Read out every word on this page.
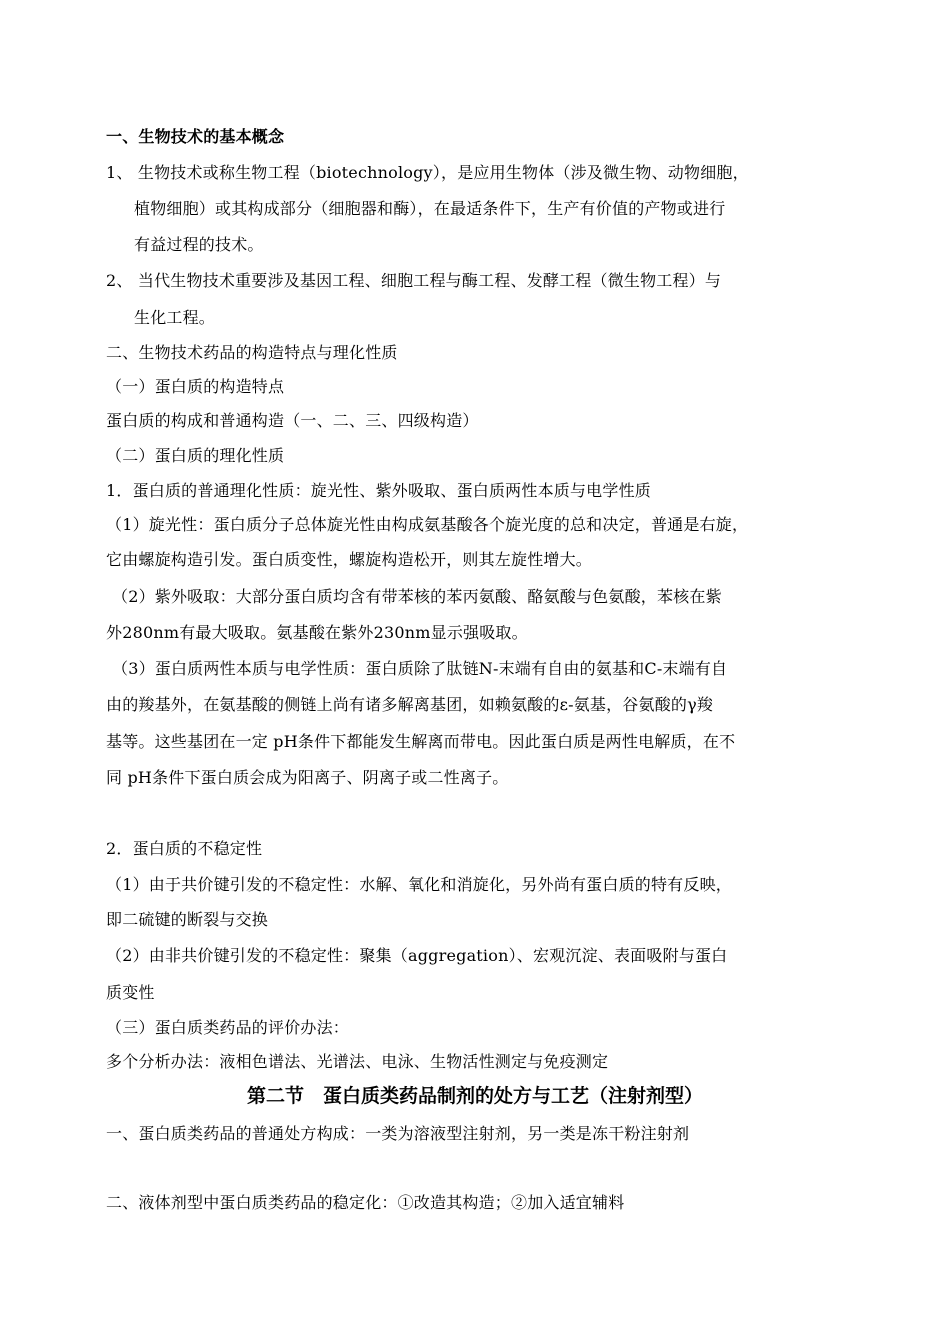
一、生物技术的基本概念
1、 生物技术或称生物工程（biotechnology），是应用生物体（涉及微生物、动物细胞，
植物细胞）或其构成部分（细胞器和酶），在最适条件下，生产有价值的产物或进行
有益过程的技术。
2、 当代生物技术重要涉及基因工程、细胞工程与酶工程、发酵工程（微生物工程）与
生化工程。
二、生物技术药品的构造特点与理化性质
（一）蛋白质的构造特点
蛋白质的构成和普通构造（一、二、三、四级构造）
（二）蛋白质的理化性质
1．蛋白质的普通理化性质：旋光性、紫外吸取、蛋白质两性本质与电学性质
（1）旋光性：蛋白质分子总体旋光性由构成氨基酸各个旋光度的总和决定，普通是右旋，
它由螺旋构造引发。蛋白质变性，螺旋构造松开，则其左旋性增大。
（2）紫外吸取：大部分蛋白质均含有带苯核的苯丙氨酸、酪氨酸与色氨酸，苯核在紫
外280nm有最大吸取。氨基酸在紫外230nm显示强吸取。
（3）蛋白质两性本质与电学性质：蛋白质除了肽链N-末端有自由的氨基和C-末端有自
由的羧基外，在氨基酸的侧链上尚有诸多解离基团，如赖氨酸的ε-氨基，谷氨酸的γ羧
基等。这些基团在一定 pH条件下都能发生解离而带电。因此蛋白质是两性电解质，在不
同 pH条件下蛋白质会成为阳离子、阴离子或二性离子。
2．蛋白质的不稳定性
（1）由于共价键引发的不稳定性：水解、氧化和消旋化，另外尚有蛋白质的特有反映，
即二硫键的断裂与交换
（2）由非共价键引发的不稳定性：聚集（aggregation）、宏观沉淀、表面吸附与蛋白
质变性
（三）蛋白质类药品的评价办法：
多个分析办法：液相色谱法、光谱法、电泳、生物活性测定与免疫测定
第二节　蛋白质类药品制剂的处方与工艺（注射剂型）
一、蛋白质类药品的普通处方构成：一类为溶液型注射剂，另一类是冻干粉注射剂
二、液体剂型中蛋白质类药品的稳定化：①改造其构造；②加入适宜辅料
